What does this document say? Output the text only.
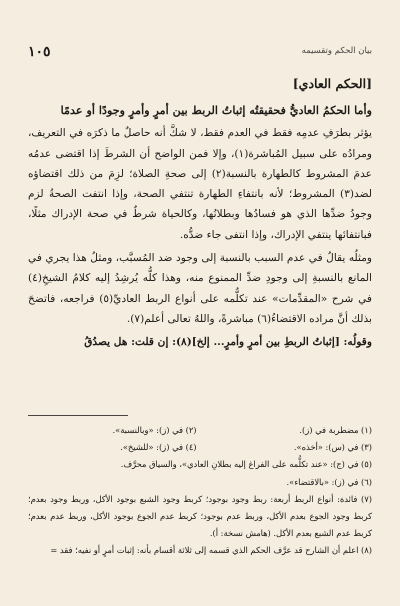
١٠٥	بيان الحكم وتقسيمه
[الحكم العادي]

وأما الحكمُ العاديُّ فحقيقتُه إثباتُ الربط بين أمرٍ وأمرٍ وجودًا أو عدمًا

يؤثر بطرَفِ عدمِه فقط في العدم فقط، لا شكَّ أنه حاصلٌ ما ذكرَه في التعريف، ومرادُه على سبيل المُباشرة(١)، وإلا فمن الواضح أن الشرطَ إذا اقتضى عدمُه عدمَ المشروط كالطهارة بالنسبة(٢) إلى صحةِ الصلاة؛ لزِمَ من ذلك اقتضاؤه لضد(٣) المشروط؛ لأنه بانتفاءِ الطهارة تنتفي الصحة، وإذا انتفت الصحةُ لزم وجودُ ضدِّها الذي هو فسادُها وبطلانُها، وكالحياة شرطٌ في صحة الإدراك مثلًا، فبانتفائها ينتفي الإدراك، وإذا انتفى جاء ضدُّه.

ومثلُه يقالُ في عدم السبب بالنسبة إلى وجود ضد المُسبَّب، ومثلُ هذا يجري في المانع بالنسبةِ إلى وجودِ ضدِّ الممنوع منه، وهذا كلُّه يُرشِدُ إليه كلامُ الشيخِ(٤) في شرح «المقدِّمات» عند تكلُّمه على أنواع الربط العاديِّ(٥) فراجعه، فاتضحَ بذلك أنَّ مراده الاقتضاءُ(٦) مباشرةً، واللهُ تعالى أعلم(٧).

وقولُه: [إثباتُ الربطِ بين أمرٍ وأمرٍ... إلخ](٨): إن قلت: هل يصدُقُ

(١) مضطربة في (ز).
(٢) في (ز): «وبالنسبة».
(٣) في (س): «أخذه».
(٤) في (ز): «للشيخ».
(٥) في (ج): «عند تكلُّمه على الفراغ إليه بطلانِ العادي»، والسياق محرَّف.
(٦) في (ز): «بالاقتضاء».
(٧) فائدة: أنواع الربط أربعة: ربط وجود بوجود؛ كربط وجود الشبع بوجود الأكل، وربط وجود بعدم؛ كربط وجود الجوع بعدم الأكل، وربط عدم بوجود؛ كربط عدم الجوع بوجود الأكل، وربط عدم بعدم؛ كربط عدم الشبع بعدم الأكل. (هامش نسخة: أ).
(٨) اعلم أن الشارح قد عرَّف الحكم الذي قسمه إلى ثلاثة أقسام بأنه: إثبات أمرٍ أو نفيه؛ فقد =
